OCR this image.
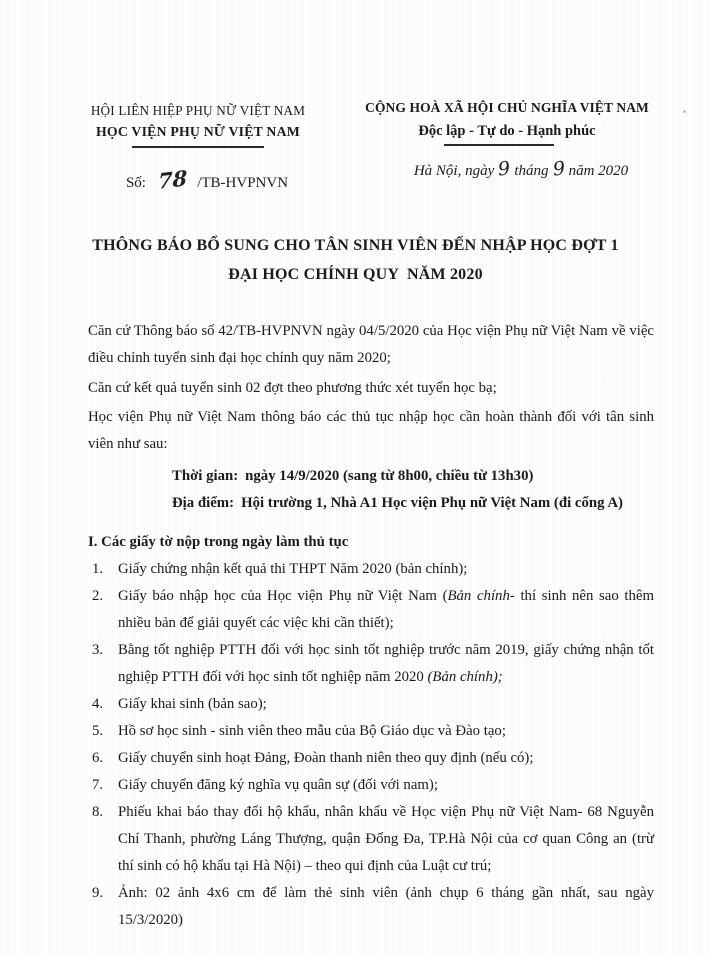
HỘI LIÊN HIỆP PHỤ NỮ VIỆT NAM
HỌC VIỆN PHỤ NỮ VIỆT NAM
Số: 78 /TB-HVPNVN
CỘNG HOÀ XÃ HỘI CHỦ NGHĨA VIỆT NAM
Độc lập - Tự do - Hạnh phúc
Hà Nội, ngày 9 tháng 9 năm 2020
THÔNG BÁO BỔ SUNG CHO TÂN SINH VIÊN ĐẾN NHẬP HỌC ĐỢT 1
ĐẠI HỌC CHÍNH QUY  NĂM 2020

Căn cứ Thông báo số 42/TB-HVPNVN ngày 04/5/2020 của Học viện Phụ nữ Việt Nam về việc điều chỉnh tuyển sinh đại học chính quy năm 2020;

Căn cứ kết quả tuyển sinh 02 đợt theo phương thức xét tuyển học bạ;

Học viện Phụ nữ Việt Nam thông báo các thủ tục nhập học cần hoàn thành đối với tân sinh viên như sau:

Thời gian: ngày 14/9/2020 (sang từ 8h00, chiều từ 13h30)
Địa điểm: Hội trường 1, Nhà A1 Học viện Phụ nữ Việt Nam (đi cổng A)
I. Các giấy tờ nộp trong ngày làm thủ tục
1. Giấy chứng nhận kết quả thi THPT Năm 2020 (bản chính);
2. Giấy báo nhập học của Học viện Phụ nữ Việt Nam (Bản chính- thí sinh nên sao thêm nhiều bản để giải quyết các việc khi cần thiết);
3. Bằng tốt nghiệp PTTH đối với học sinh tốt nghiệp trước năm 2019, giấy chứng nhận tốt nghiệp PTTH đối với học sinh tốt nghiệp năm 2020 (Bản chính);
4. Giấy khai sinh (bản sao);
5. Hồ sơ học sinh - sinh viên theo mẫu của Bộ Giáo dục và Đào tạo;
6. Giấy chuyển sinh hoạt Đảng, Đoàn thanh niên theo quy định (nếu có);
7. Giấy chuyển đăng ký nghĩa vụ quân sự (đối với nam);
8. Phiếu khai báo thay đổi hộ khẩu, nhân khẩu về Học viện Phụ nữ Việt Nam- 68 Nguyễn Chí Thanh, phường Láng Thượng, quận Đống Đa, TP.Hà Nội của cơ quan Công an (trừ thí sinh có hộ khẩu tại Hà Nội) – theo qui định của Luật cư trú;
9. Ảnh: 02 ảnh 4x6 cm để làm thẻ sinh viên (ảnh chụp 6 tháng gần nhất, sau ngày 15/3/2020)
